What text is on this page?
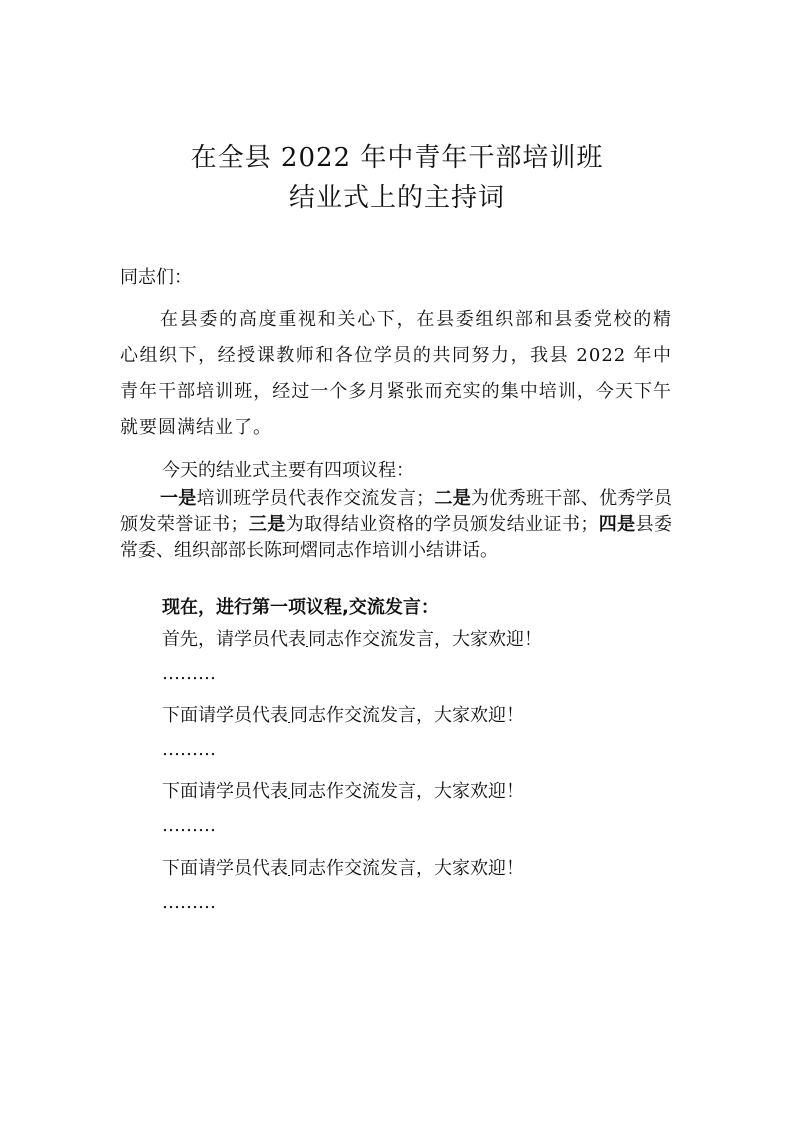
在全县 2022 年中青年干部培训班
结业式上的主持词
同志们：
在县委的高度重视和关心下，在县委组织部和县委党校的精心组织下，经授课教师和各位学员的共同努力，我县 2022 年中青年干部培训班，经过一个多月紧张而充实的集中培训，今天下午就要圆满结业了。
今天的结业式主要有四项议程：
一是培训班学员代表作交流发言；二是为优秀班干部、优秀学员颁发荣誉证书；三是为取得结业资格的学员颁发结业证书；四是县委常委、组织部部长陈珂熠同志作培训小结讲话。
现在，进行第一项议程,交流发言：
首先，请学员代表 同志作交流发言，大家欢迎！
………
下面请学员代表 同志作交流发言，大家欢迎！
………
下面请学员代表 同志作交流发言，大家欢迎！
………
下面请学员代表 同志作交流发言，大家欢迎！
………
